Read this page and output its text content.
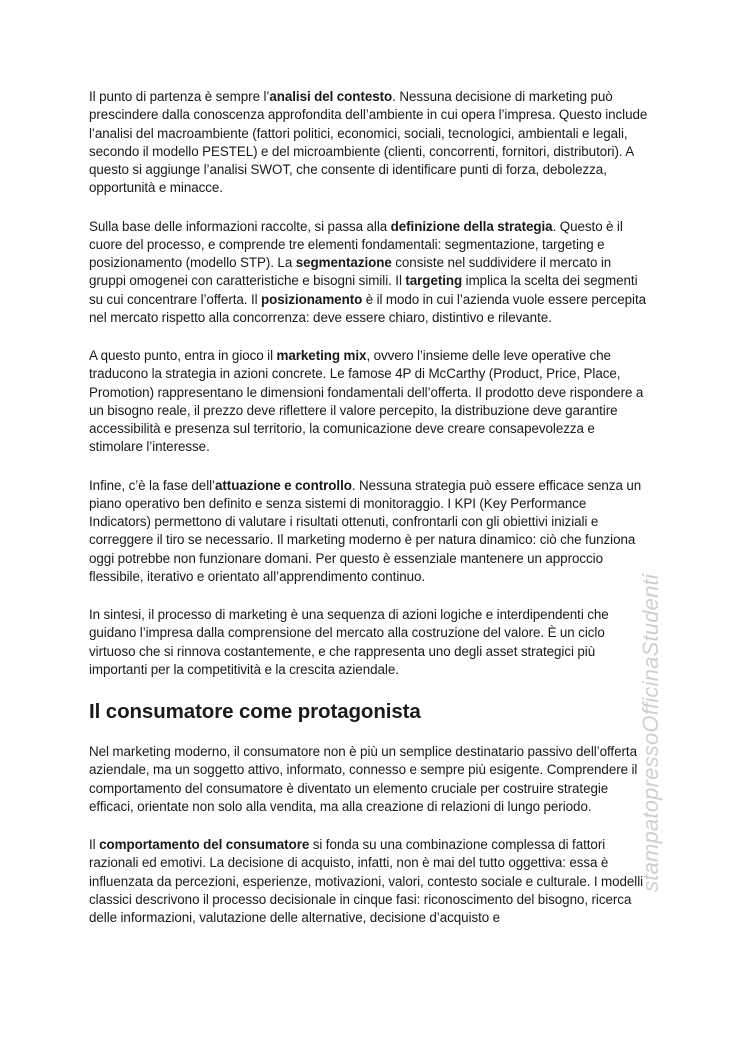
Il punto di partenza è sempre l’analisi del contesto. Nessuna decisione di marketing può prescindere dalla conoscenza approfondita dell’ambiente in cui opera l’impresa. Questo include l’analisi del macroambiente (fattori politici, economici, sociali, tecnologici, ambientali e legali, secondo il modello PESTEL) e del microambiente (clienti, concorrenti, fornitori, distributori). A questo si aggiunge l’analisi SWOT, che consente di identificare punti di forza, debolezza, opportunità e minacce.

Sulla base delle informazioni raccolte, si passa alla definizione della strategia. Questo è il cuore del processo, e comprende tre elementi fondamentali: segmentazione, targeting e posizionamento (modello STP). La segmentazione consiste nel suddividere il mercato in gruppi omogenei con caratteristiche e bisogni simili. Il targeting implica la scelta dei segmenti su cui concentrare l’offerta. Il posizionamento è il modo in cui l’azienda vuole essere percepita nel mercato rispetto alla concorrenza: deve essere chiaro, distintivo e rilevante.

A questo punto, entra in gioco il marketing mix, ovvero l’insieme delle leve operative che traducono la strategia in azioni concrete. Le famose 4P di McCarthy (Product, Price, Place, Promotion) rappresentano le dimensioni fondamentali dell’offerta. Il prodotto deve rispondere a un bisogno reale, il prezzo deve riflettere il valore percepito, la distribuzione deve garantire accessibilità e presenza sul territorio, la comunicazione deve creare consapevolezza e stimolare l’interesse.

Infine, c’è la fase dell’attuazione e controllo. Nessuna strategia può essere efficace senza un piano operativo ben definito e senza sistemi di monitoraggio. I KPI (Key Performance Indicators) permettono di valutare i risultati ottenuti, confrontarli con gli obiettivi iniziali e correggere il tiro se necessario. Il marketing moderno è per natura dinamico: ciò che funziona oggi potrebbe non funzionare domani. Per questo è essenziale mantenere un approccio flessibile, iterativo e orientato all’apprendimento continuo.

In sintesi, il processo di marketing è una sequenza di azioni logiche e interdipendenti che guidano l’impresa dalla comprensione del mercato alla costruzione del valore. È un ciclo virtuoso che si rinnova costantemente, e che rappresenta uno degli asset strategici più importanti per la competitività e la crescita aziendale.

Il consumatore come protagonista

Nel marketing moderno, il consumatore non è più un semplice destinatario passivo dell’offerta aziendale, ma un soggetto attivo, informato, connesso e sempre più esigente. Comprendere il comportamento del consumatore è diventato un elemento cruciale per costruire strategie efficaci, orientate non solo alla vendita, ma alla creazione di relazioni di lungo periodo.

Il comportamento del consumatore si fonda su una combinazione complessa di fattori razionali ed emotivi. La decisione di acquisto, infatti, non è mai del tutto oggettiva: essa è influenzata da percezioni, esperienze, motivazioni, valori, contesto sociale e culturale. I modelli classici descrivono il processo decisionale in cinque fasi: riconoscimento del bisogno, ricerca delle informazioni, valutazione delle alternative, decisione d’acquisto e

stampatopressoOfficinaStudenti
